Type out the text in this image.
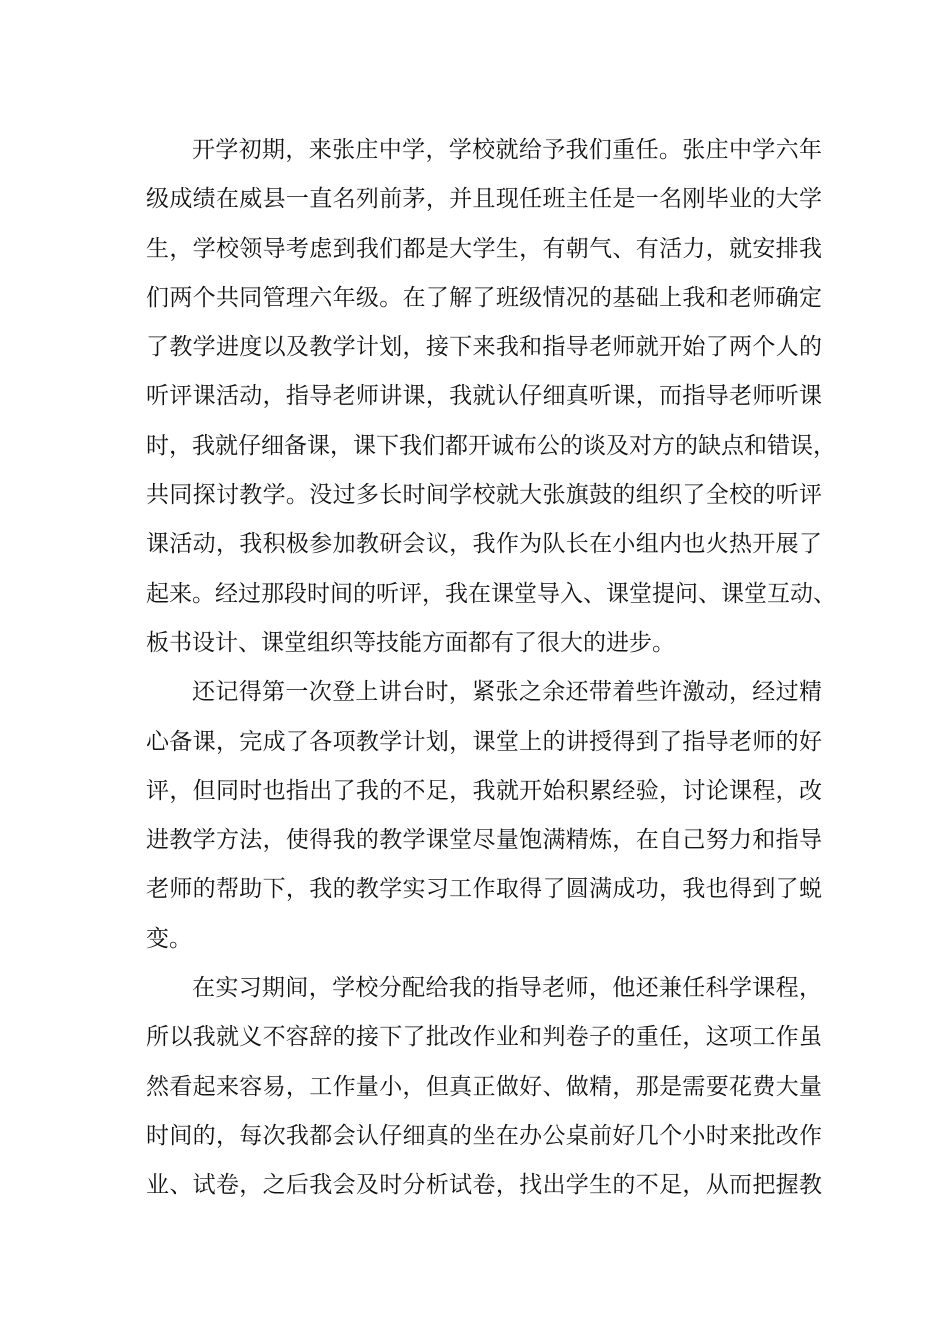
开学初期，来张庄中学，学校就给予我们重任。张庄中学六年
级成绩在威县一直名列前茅，并且现任班主任是一名刚毕业的大学
生，学校领导考虑到我们都是大学生，有朝气、有活力，就安排我
们两个共同管理六年级。在了解了班级情况的基础上我和老师确定
了教学进度以及教学计划，接下来我和指导老师就开始了两个人的
听评课活动，指导老师讲课，我就认仔细真听课，而指导老师听课
时，我就仔细备课，课下我们都开诚布公的谈及对方的缺点和错误，
共同探讨教学。没过多长时间学校就大张旗鼓的组织了全校的听评
课活动，我积极参加教研会议，我作为队长在小组内也火热开展了
起来。经过那段时间的听评，我在课堂导入、课堂提问、课堂互动、
板书设计、课堂组织等技能方面都有了很大的进步。
还记得第一次登上讲台时，紧张之余还带着些许激动，经过精
心备课，完成了各项教学计划，课堂上的讲授得到了指导老师的好
评，但同时也指出了我的不足，我就开始积累经验，讨论课程，改
进教学方法，使得我的教学课堂尽量饱满精炼，在自己努力和指导
老师的帮助下，我的教学实习工作取得了圆满成功，我也得到了蜕
变。
在实习期间，学校分配给我的指导老师，他还兼任科学课程，
所以我就义不容辞的接下了批改作业和判卷子的重任，这项工作虽
然看起来容易，工作量小，但真正做好、做精，那是需要花费大量
时间的，每次我都会认仔细真的坐在办公桌前好几个小时来批改作
业、试卷，之后我会及时分析试卷，找出学生的不足，从而把握教
